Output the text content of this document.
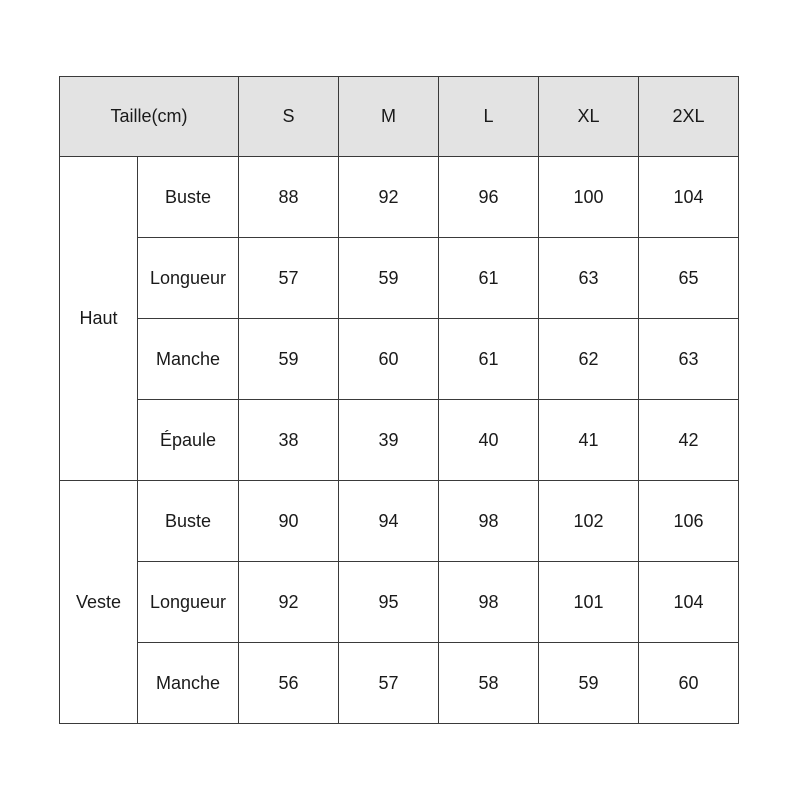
Taille(cm)		S	M	L	XL	2XL
Haut	Buste	88	92	96	100	104
	Longueur	57	59	61	63	65
	Manche	59	60	61	62	63
	Épaule	38	39	40	41	42
Veste	Buste	90	94	98	102	106
	Longueur	92	95	98	101	104
	Manche	56	57	58	59	60
